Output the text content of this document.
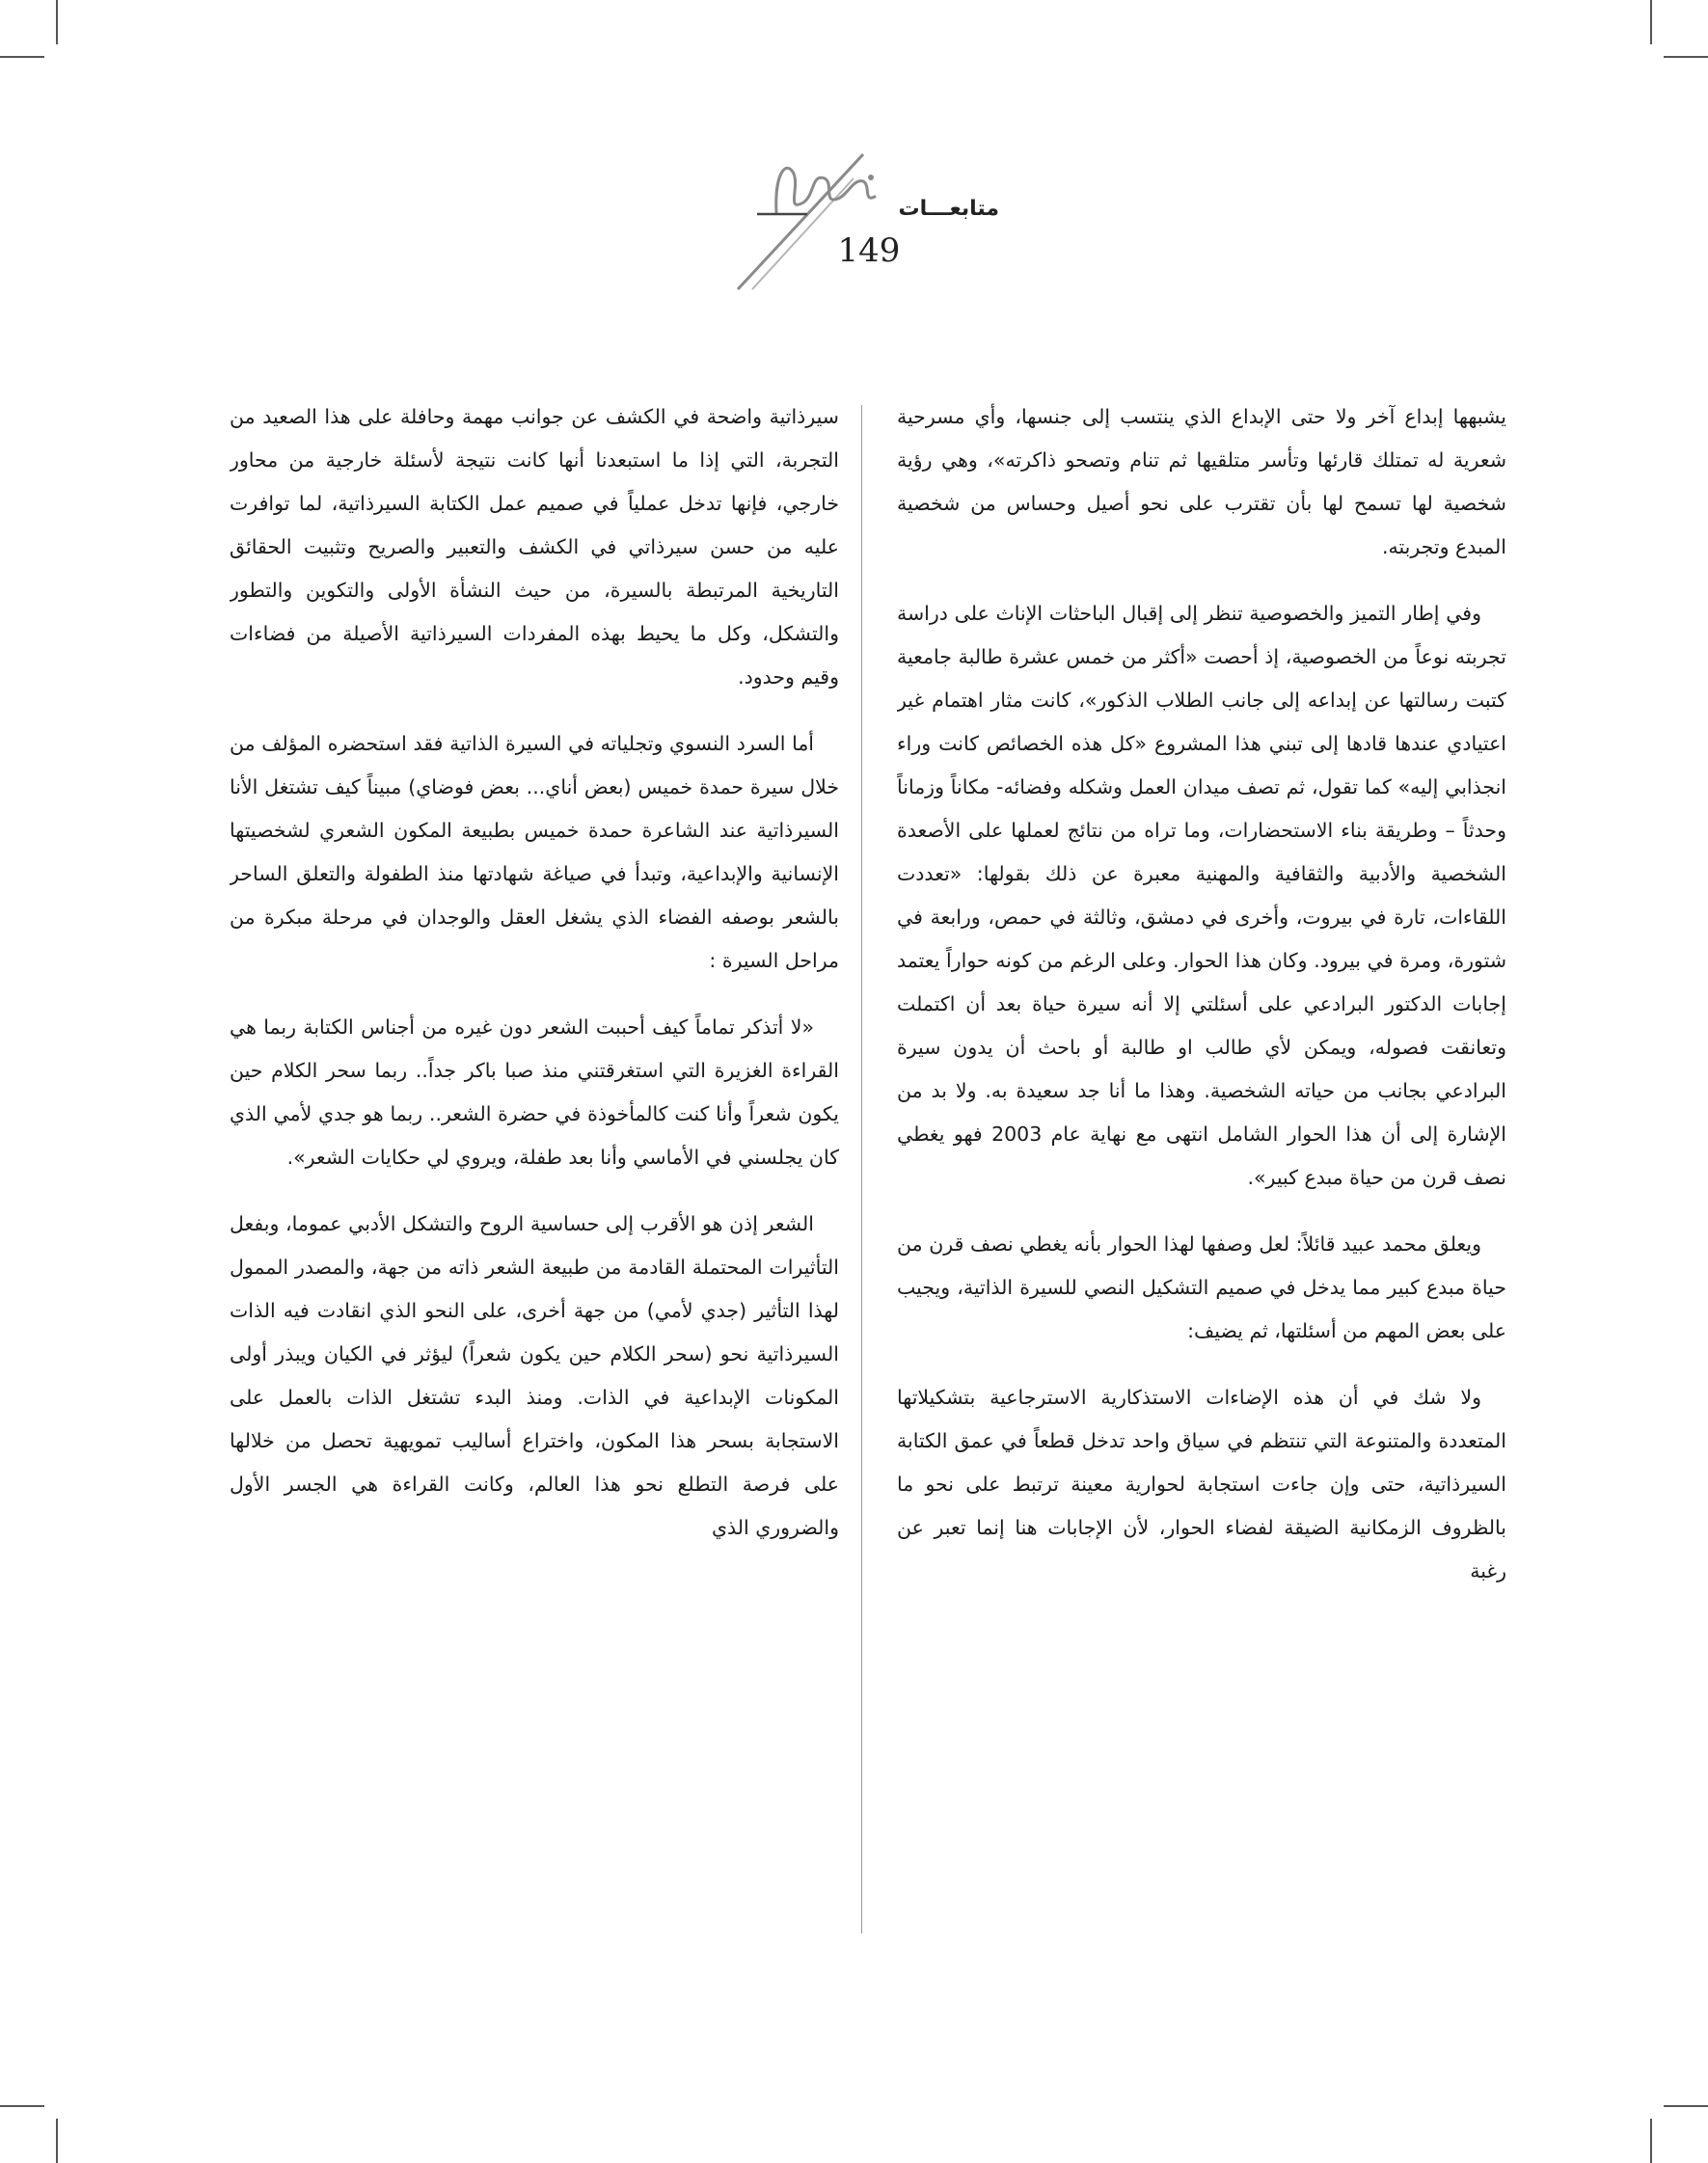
متابعـــات
149

يشبهها إبداع آخر ولا حتى الإبداع الذي ينتسب إلى جنسها، وأي مسرحية شعرية له تمتلك قارئها وتأسر متلقيها ثم تنام وتصحو ذاكرته»، وهي رؤية شخصية لها تسمح لها بأن تقترب على نحو أصيل وحساس من شخصية المبدع وتجربته.

وفي إطار التميز والخصوصية تنظر إلى إقبال الباحثات الإناث على دراسة تجربته نوعاً من الخصوصية، إذ أحصت «أكثر من خمس عشرة طالبة جامعية كتبت رسالتها عن إبداعه إلى جانب الطلاب الذكور»، كانت مثار اهتمام غير اعتيادي عندها قادها إلى تبني هذا المشروع «كل هذه الخصائص كانت وراء انجذابي إليه» كما تقول، ثم تصف ميدان العمل وشكله وفضائه- مكاناً وزماناً وحدثاً – وطريقة بناء الاستحضارات، وما تراه من نتائج لعملها على الأصعدة الشخصية والأدبية والثقافية والمهنية معبرة عن ذلك بقولها: «تعددت اللقاءات، تارة في بيروت، وأخرى في دمشق، وثالثة في حمص، ورابعة في شتورة، ومرة في بيرود. وكان هذا الحوار. وعلى الرغم من كونه حواراً يعتمد إجابات الدكتور البرادعي على أسئلتي إلا أنه سيرة حياة بعد أن اكتملت وتعانقت فصوله، ويمكن لأي طالب او طالبة أو باحث أن يدون سيرة البرادعي بجانب من حياته الشخصية. وهذا ما أنا جد سعيدة به. ولا بد من الإشارة إلى أن هذا الحوار الشامل انتهى مع نهاية عام 2003 فهو يغطي نصف قرن من حياة مبدع كبير».

ويعلق محمد عبيد قائلاً: لعل وصفها لهذا الحوار بأنه يغطي نصف قرن من حياة مبدع كبير مما يدخل في صميم التشكيل النصي للسيرة الذاتية، ويجيب على بعض المهم من أسئلتها، ثم يضيف:

ولا شك في أن هذه الإضاءات الاستذكارية الاسترجاعية بتشكيلاتها المتعددة والمتنوعة التي تنتظم في سياق واحد تدخل قطعاً في عمق الكتابة السيرذاتية، حتى وإن جاءت استجابة لحوارية معينة ترتبط على نحو ما بالظروف الزمكانية الضيقة لفضاء الحوار، لأن الإجابات هنا إنما تعبر عن رغبة

سيرذاتية واضحة في الكشف عن جوانب مهمة وحافلة على هذا الصعيد من التجربة، التي إذا ما استبعدنا أنها كانت نتيجة لأسئلة خارجية من محاور خارجي، فإنها تدخل عملياً في صميم عمل الكتابة السيرذاتية، لما توافرت عليه من حسن سيرذاتي في الكشف والتعبير والصريح وتثبيت الحقائق التاريخية المرتبطة بالسيرة، من حيث النشأة الأولى والتكوين والتطور والتشكل، وكل ما يحيط بهذه المفردات السيرذاتية الأصيلة من فضاءات وقيم وحدود.

أما السرد النسوي وتجلياته في السيرة الذاتية فقد استحضره المؤلف من خلال سيرة حمدة خميس (بعض أناي... بعض فوضاي) مبيناً كيف تشتغل الأنا السيرذاتية عند الشاعرة حمدة خميس بطبيعة المكون الشعري لشخصيتها الإنسانية والإبداعية، وتبدأ في صياغة شهادتها منذ الطفولة والتعلق الساحر بالشعر بوصفه الفضاء الذي يشغل العقل والوجدان في مرحلة مبكرة من مراحل السيرة :

«لا أتذكر تماماً كيف أحببت الشعر دون غيره من أجناس الكتابة ربما هي القراءة الغزيرة التي استغرقتني منذ صبا باكر جداً.. ربما سحر الكلام حين يكون شعراً وأنا كنت كالمأخوذة في حضرة الشعر.. ربما هو جدي لأمي الذي كان يجلسني في الأماسي وأنا بعد طفلة، ويروي لي حكايات الشعر».

الشعر إذن هو الأقرب إلى حساسية الروح والتشكل الأدبي عموما، وبفعل التأثيرات المحتملة القادمة من طبيعة الشعر ذاته من جهة، والمصدر الممول لهذا التأثير (جدي لأمي) من جهة أخرى، على النحو الذي انقادت فيه الذات السيرذاتية نحو (سحر الكلام حين يكون شعراً) ليؤثر في الكيان ويبذر أولى المكونات الإبداعية في الذات. ومنذ البدء تشتغل الذات بالعمل على الاستجابة بسحر هذا المكون، واختراع أساليب تمويهية تحصل من خلالها على فرصة التطلع نحو هذا العالم، وكانت القراءة هي الجسر الأول والضروري الذي
